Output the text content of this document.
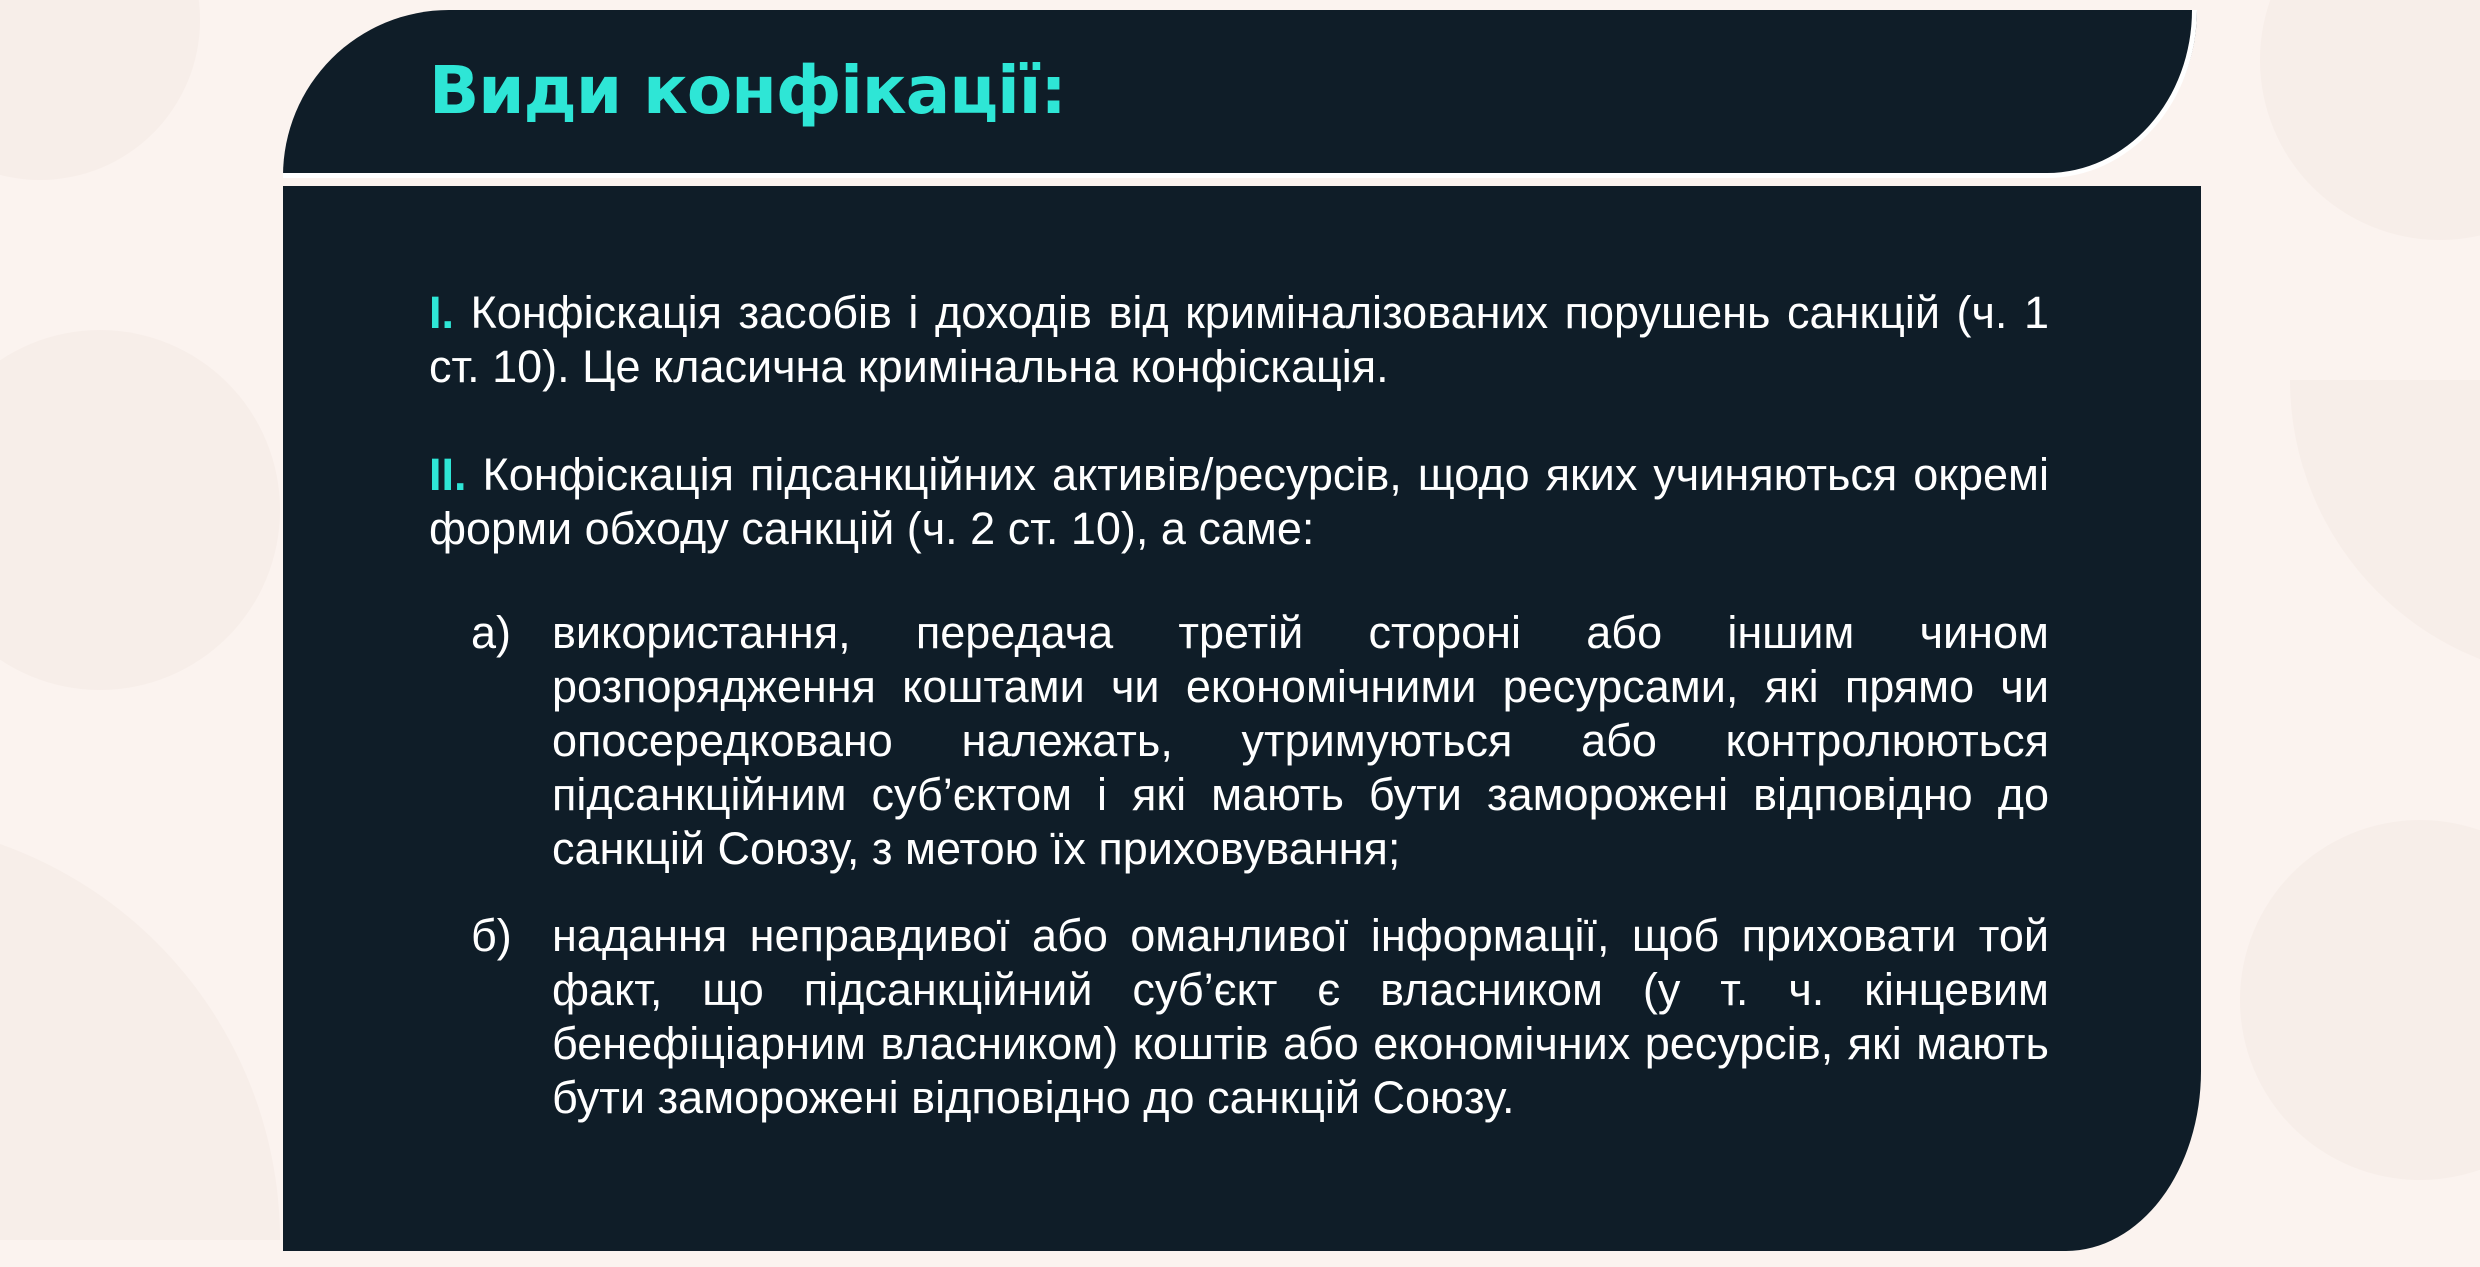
Види конфікації:

I. Конфіскація засобів і доходів від криміналізованих порушень санкцій (ч. 1 ст. 10). Це класична кримінальна конфіскація.

II. Конфіскація підсанкційних активів/ресурсів, щодо яких учиняються окремі форми обходу санкцій (ч. 2 ст. 10), а саме:

а) використання, передача третій стороні або іншим чином розпорядження коштами чи економічними ресурсами, які прямо чи опосередковано належать, утримуються або контролюються підсанкційним суб’єктом і які мають бути заморожені відповідно до санкцій Союзу, з метою їх приховування;
б) надання неправдивої або оманливої інформації, щоб приховати той факт, що підсанкційний суб’єкт є власником (у т. ч. кінцевим бенефіціарним власником) коштів або економічних ресурсів, які мають бути заморожені відповідно до санкцій Союзу.
